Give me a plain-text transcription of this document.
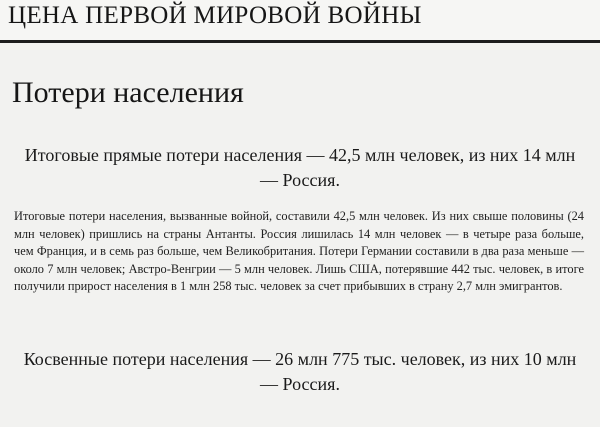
ЦЕНА ПЕРВОЙ МИРОВОЙ ВОЙНЫ
Потери населения
Итоговые прямые потери населения — 42,5 млн человек, из них 14 млн — Россия.

Итоговые потери населения, вызванные войной, составили 42,5 млн человек. Из них свыше половины (24 млн человек) пришлись на страны Антанты. Россия лишилась 14 млн человек — в четыре раза больше, чем Франция, и в семь раз больше, чем Великобритания. Потери Германии составили в два раза меньше — около 7 млн человек; Австро-Венгрии — 5 млн человек. Лишь США, потерявшие 442 тыс. человек, в итоге получили прирост населения в 1 млн 258 тыс. человек за счет прибывших в страну 2,7 млн эмигрантов.

Косвенные потери населения — 26 млн 775 тыс. человек, из них 10 млн — Россия.
